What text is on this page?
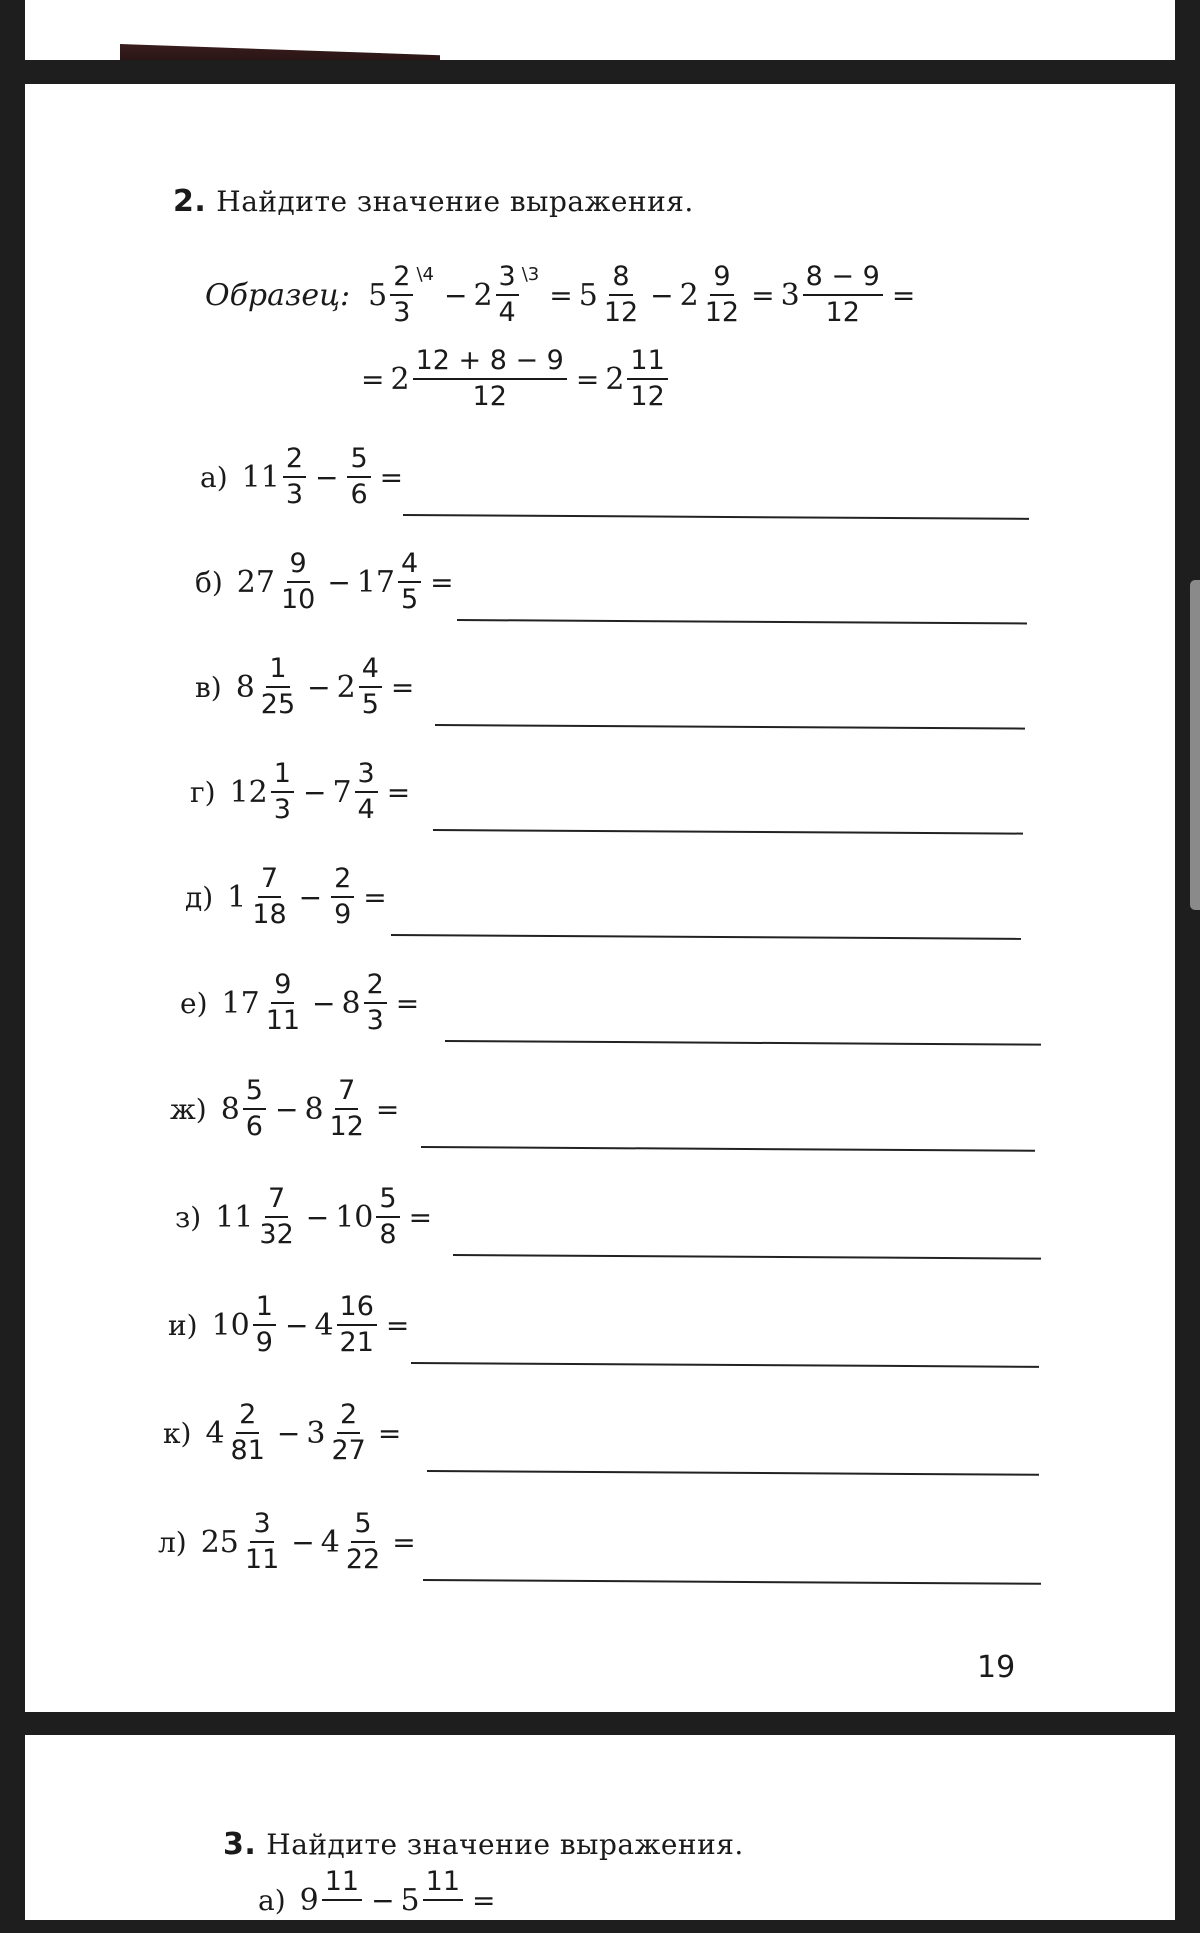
2. Найдите значение выражения.
Образец: $5 \frac{2}{3}$ \4
− $2 \frac{3}{4}$ \3
= $5 \frac{8}{12} - 2 \frac{9}{12} = 3 \frac{8 - 9}{12}$ =
= $2 \frac{12 + 8 - 9}{12} = 2 \frac{11}{12}$
а) $11 \frac{2}{3} - \frac{5}{6}$ =
б) $27 \frac{9}{10} - 17 \frac{4}{5}$ =
в) $8 \frac{1}{25} - 2 \frac{4}{5}$ =
г) $12 \frac{1}{3} - 7 \frac{3}{4}$ =
д) $1 \frac{7}{18} - \frac{2}{9}$ =
е) $17 \frac{9}{11} - 8 \frac{2}{3}$ =
ж) $8 \frac{5}{6} - 8 \frac{7}{12}$ =
з) $11 \frac{7}{32} - 10 \frac{5}{8}$ =
и) $10 \frac{1}{9} - 4 \frac{16}{21}$ =
к) $4 \frac{2}{81} - 3 \frac{2}{27}$ =
л) $25 \frac{3}{11} - 4 \frac{5}{22}$ =
19
3. Найдите значение выражения.
а) 9
11

− 5
11

=
